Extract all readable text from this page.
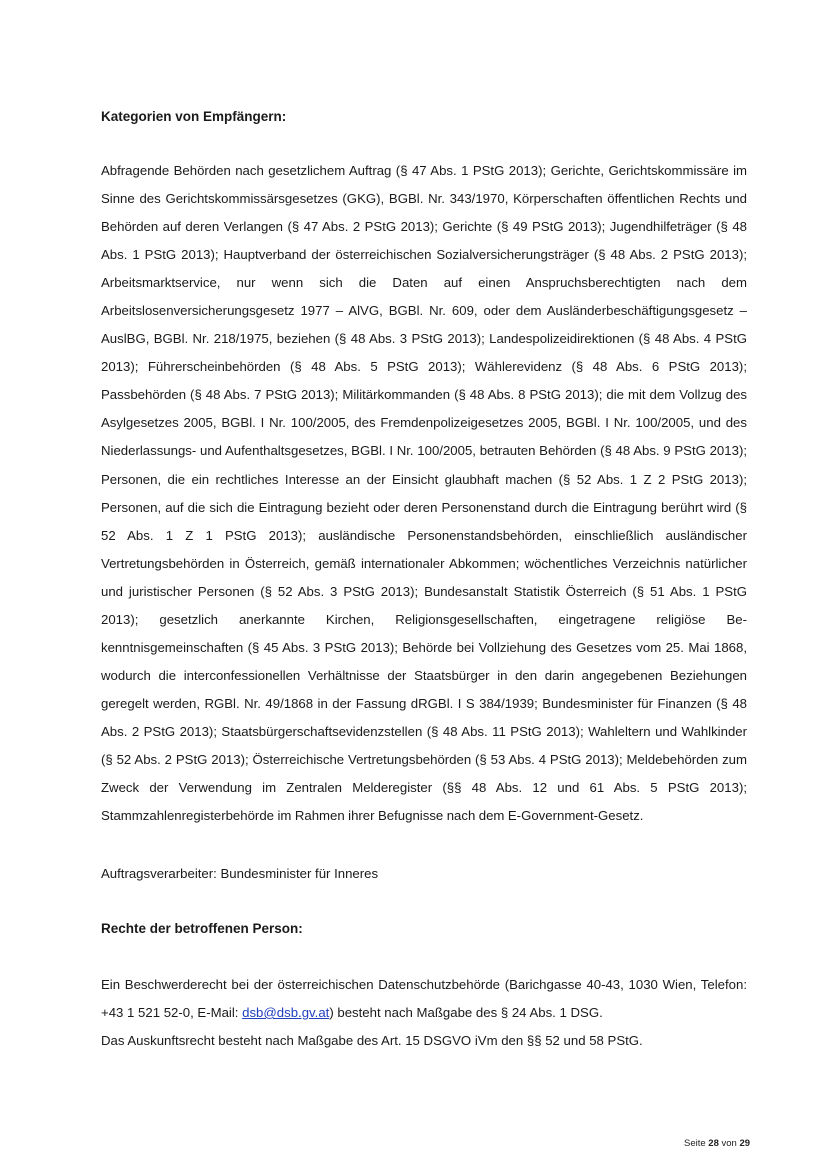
Kategorien von Empfängern:

Abfragende Behörden nach gesetzlichem Auftrag (§ 47 Abs. 1 PStG 2013); Gerichte, Gerichtskommissäre im Sinne des Gerichtskommissärsgesetzes (GKG), BGBl. Nr. 343/1970, Körperschaften öffentlichen Rechts und Behörden auf deren Verlangen (§ 47 Abs. 2 PStG 2013); Gerichte (§ 49 PStG 2013); Jugendhilfeträger (§ 48 Abs. 1 PStG 2013); Hauptverband der österreichischen Sozialversicherungsträger (§ 48 Abs. 2 PStG 2013); Arbeitsmarktservice, nur wenn sich die Daten auf einen Anspruchsberechtigten nach dem Arbeitslosenversicherungsgesetz 1977 – AlVG, BGBl. Nr. 609, oder dem Ausländerbeschäftigungsgesetz – AuslBG, BGBl. Nr. 218/1975, beziehen (§ 48 Abs. 3 PStG 2013); Landespolizeidirektionen (§ 48 Abs. 4 PStG 2013); Führerscheinbehörden (§ 48 Abs. 5 PStG 2013); Wählerevidenz (§ 48 Abs. 6 PStG 2013); Passbehörden (§ 48 Abs. 7 PStG 2013); Militärkommanden (§ 48 Abs. 8 PStG 2013); die mit dem Vollzug des Asylgesetzes 2005, BGBl. I Nr. 100/2005, des Fremdenpolizeigesetzes 2005, BGBl. I Nr. 100/2005, und des Niederlassungs- und Aufenthaltsgesetzes, BGBl. I Nr. 100/2005, betrauten Behörden (§ 48 Abs. 9 PStG 2013); Personen, die ein rechtliches Interesse an der Einsicht glaubhaft machen (§ 52 Abs. 1 Z 2 PStG 2013); Personen, auf die sich die Eintragung bezieht oder deren Personenstand durch die Eintragung berührt wird (§ 52 Abs. 1 Z 1 PStG 2013); ausländische Personenstandsbehörden, einschließlich ausländischer Vertretungsbehörden in Österreich, gemäß internationaler Abkommen; wöchentliches Verzeichnis natürlicher und juristischer Personen (§ 52 Abs. 3 PStG 2013); Bundesanstalt Statistik Österreich (§ 51 Abs. 1 PStG 2013); gesetzlich anerkannte Kirchen, Religionsgesellschaften, eingetragene religiöse Bekenntnisgemeinschaften (§ 45 Abs. 3 PStG 2013); Behörde bei Vollziehung des Gesetzes vom 25. Mai 1868, wodurch die interconfessionellen Verhältnisse der Staatsbürger in den darin angegebenen Beziehungen geregelt werden, RGBl. Nr. 49/1868 in der Fassung dRGBl. I S 384/1939; Bundesminister für Finanzen (§ 48 Abs. 2 PStG 2013); Staatsbürgerschaftsevidenzstellen (§ 48 Abs. 11 PStG 2013); Wahleltern und Wahlkinder (§ 52 Abs. 2 PStG 2013); Österreichische Vertretungsbehörden (§ 53 Abs. 4 PStG 2013); Meldebehörden zum Zweck der Verwendung im Zentralen Melderegister (§§ 48 Abs. 12 und 61 Abs. 5 PStG 2013); Stammzahlenregisterbehörde im Rahmen ihrer Befugnisse nach dem E-Government-Gesetz.

Auftragsverarbeiter: Bundesminister für Inneres

Rechte der betroffenen Person:

Ein Beschwerderecht bei der österreichischen Datenschutzbehörde (Barichgasse 40-43, 1030 Wien, Telefon: +43 1 521 52-0, E-Mail: dsb@dsb.gv.at) besteht nach Maßgabe des § 24 Abs. 1 DSG.

Das Auskunftsrecht besteht nach Maßgabe des Art. 15 DSGVO iVm den §§ 52 und 58 PStG.

Seite 28 von 29
